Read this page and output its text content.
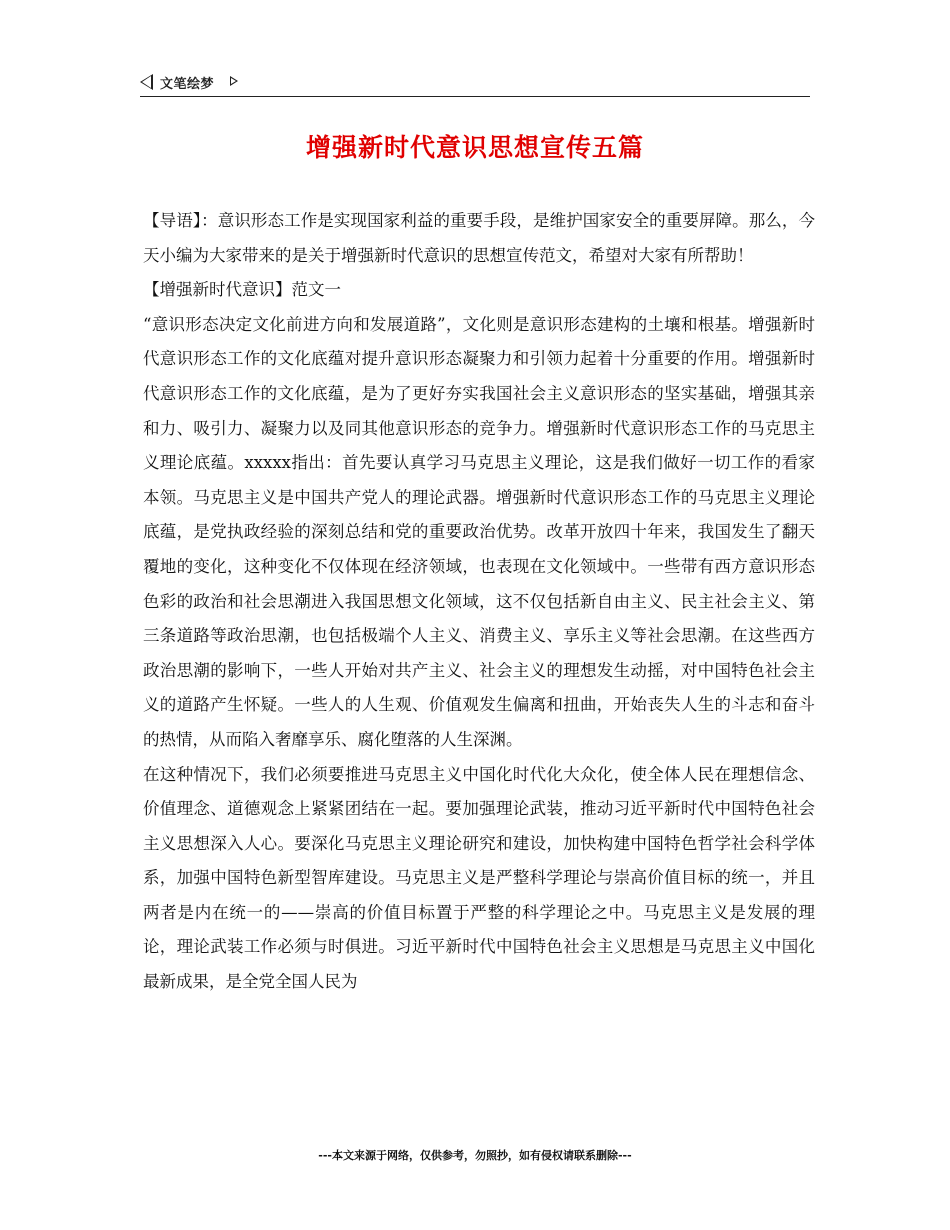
文笔绘梦
增强新时代意识思想宣传五篇

【导语】：意识形态工作是实现国家利益的重要手段，是维护国家安全的重要屏障。那么，今天小编为大家带来的是关于增强新时代意识的思想宣传范文，希望对大家有所帮助！

【增强新时代意识】范文一

“意识形态决定文化前进方向和发展道路”，文化则是意识形态建构的土壤和根基。增强新时代意识形态工作的文化底蕴对提升意识形态凝聚力和引领力起着十分重要的作用。增强新时代意识形态工作的文化底蕴，是为了更好夯实我国社会主义意识形态的坚实基础，增强其亲和力、吸引力、凝聚力以及同其他意识形态的竞争力。增强新时代意识形态工作的马克思主义理论底蕴。xxxxx指出：首先要认真学习马克思主义理论，这是我们做好一切工作的看家本领。马克思主义是中国共产党人的理论武器。增强新时代意识形态工作的马克思主义理论底蕴，是党执政经验的深刻总结和党的重要政治优势。改革开放四十年来，我国发生了翻天覆地的变化，这种变化不仅体现在经济领域，也表现在文化领域中。一些带有西方意识形态色彩的政治和社会思潮进入我国思想文化领域，这不仅包括新自由主义、民主社会主义、第三条道路等政治思潮，也包括极端个人主义、消费主义、享乐主义等社会思潮。在这些西方政治思潮的影响下，一些人开始对共产主义、社会主义的理想发生动摇，对中国特色社会主义的道路产生怀疑。一些人的人生观、价值观发生偏离和扭曲，开始丧失人生的斗志和奋斗的热情，从而陷入奢靡享乐、腐化堕落的人生深渊。

在这种情况下，我们必须要推进马克思主义中国化时代化大众化，使全体人民在理想信念、价值理念、道德观念上紧紧团结在一起。要加强理论武装，推动习近平新时代中国特色社会主义思想深入人心。要深化马克思主义理论研究和建设，加快构建中国特色哲学社会科学体系，加强中国特色新型智库建设。马克思主义是严整科学理论与崇高价值目标的统一，并且两者是内在统一的——崇高的价值目标置于严整的科学理论之中。马克思主义是发展的理论，理论武装工作必须与时俱进。习近平新时代中国特色社会主义思想是马克思主义中国化最新成果，是全党全国人民为

---本文来源于网络，仅供参考，勿照抄，如有侵权请联系删除---
